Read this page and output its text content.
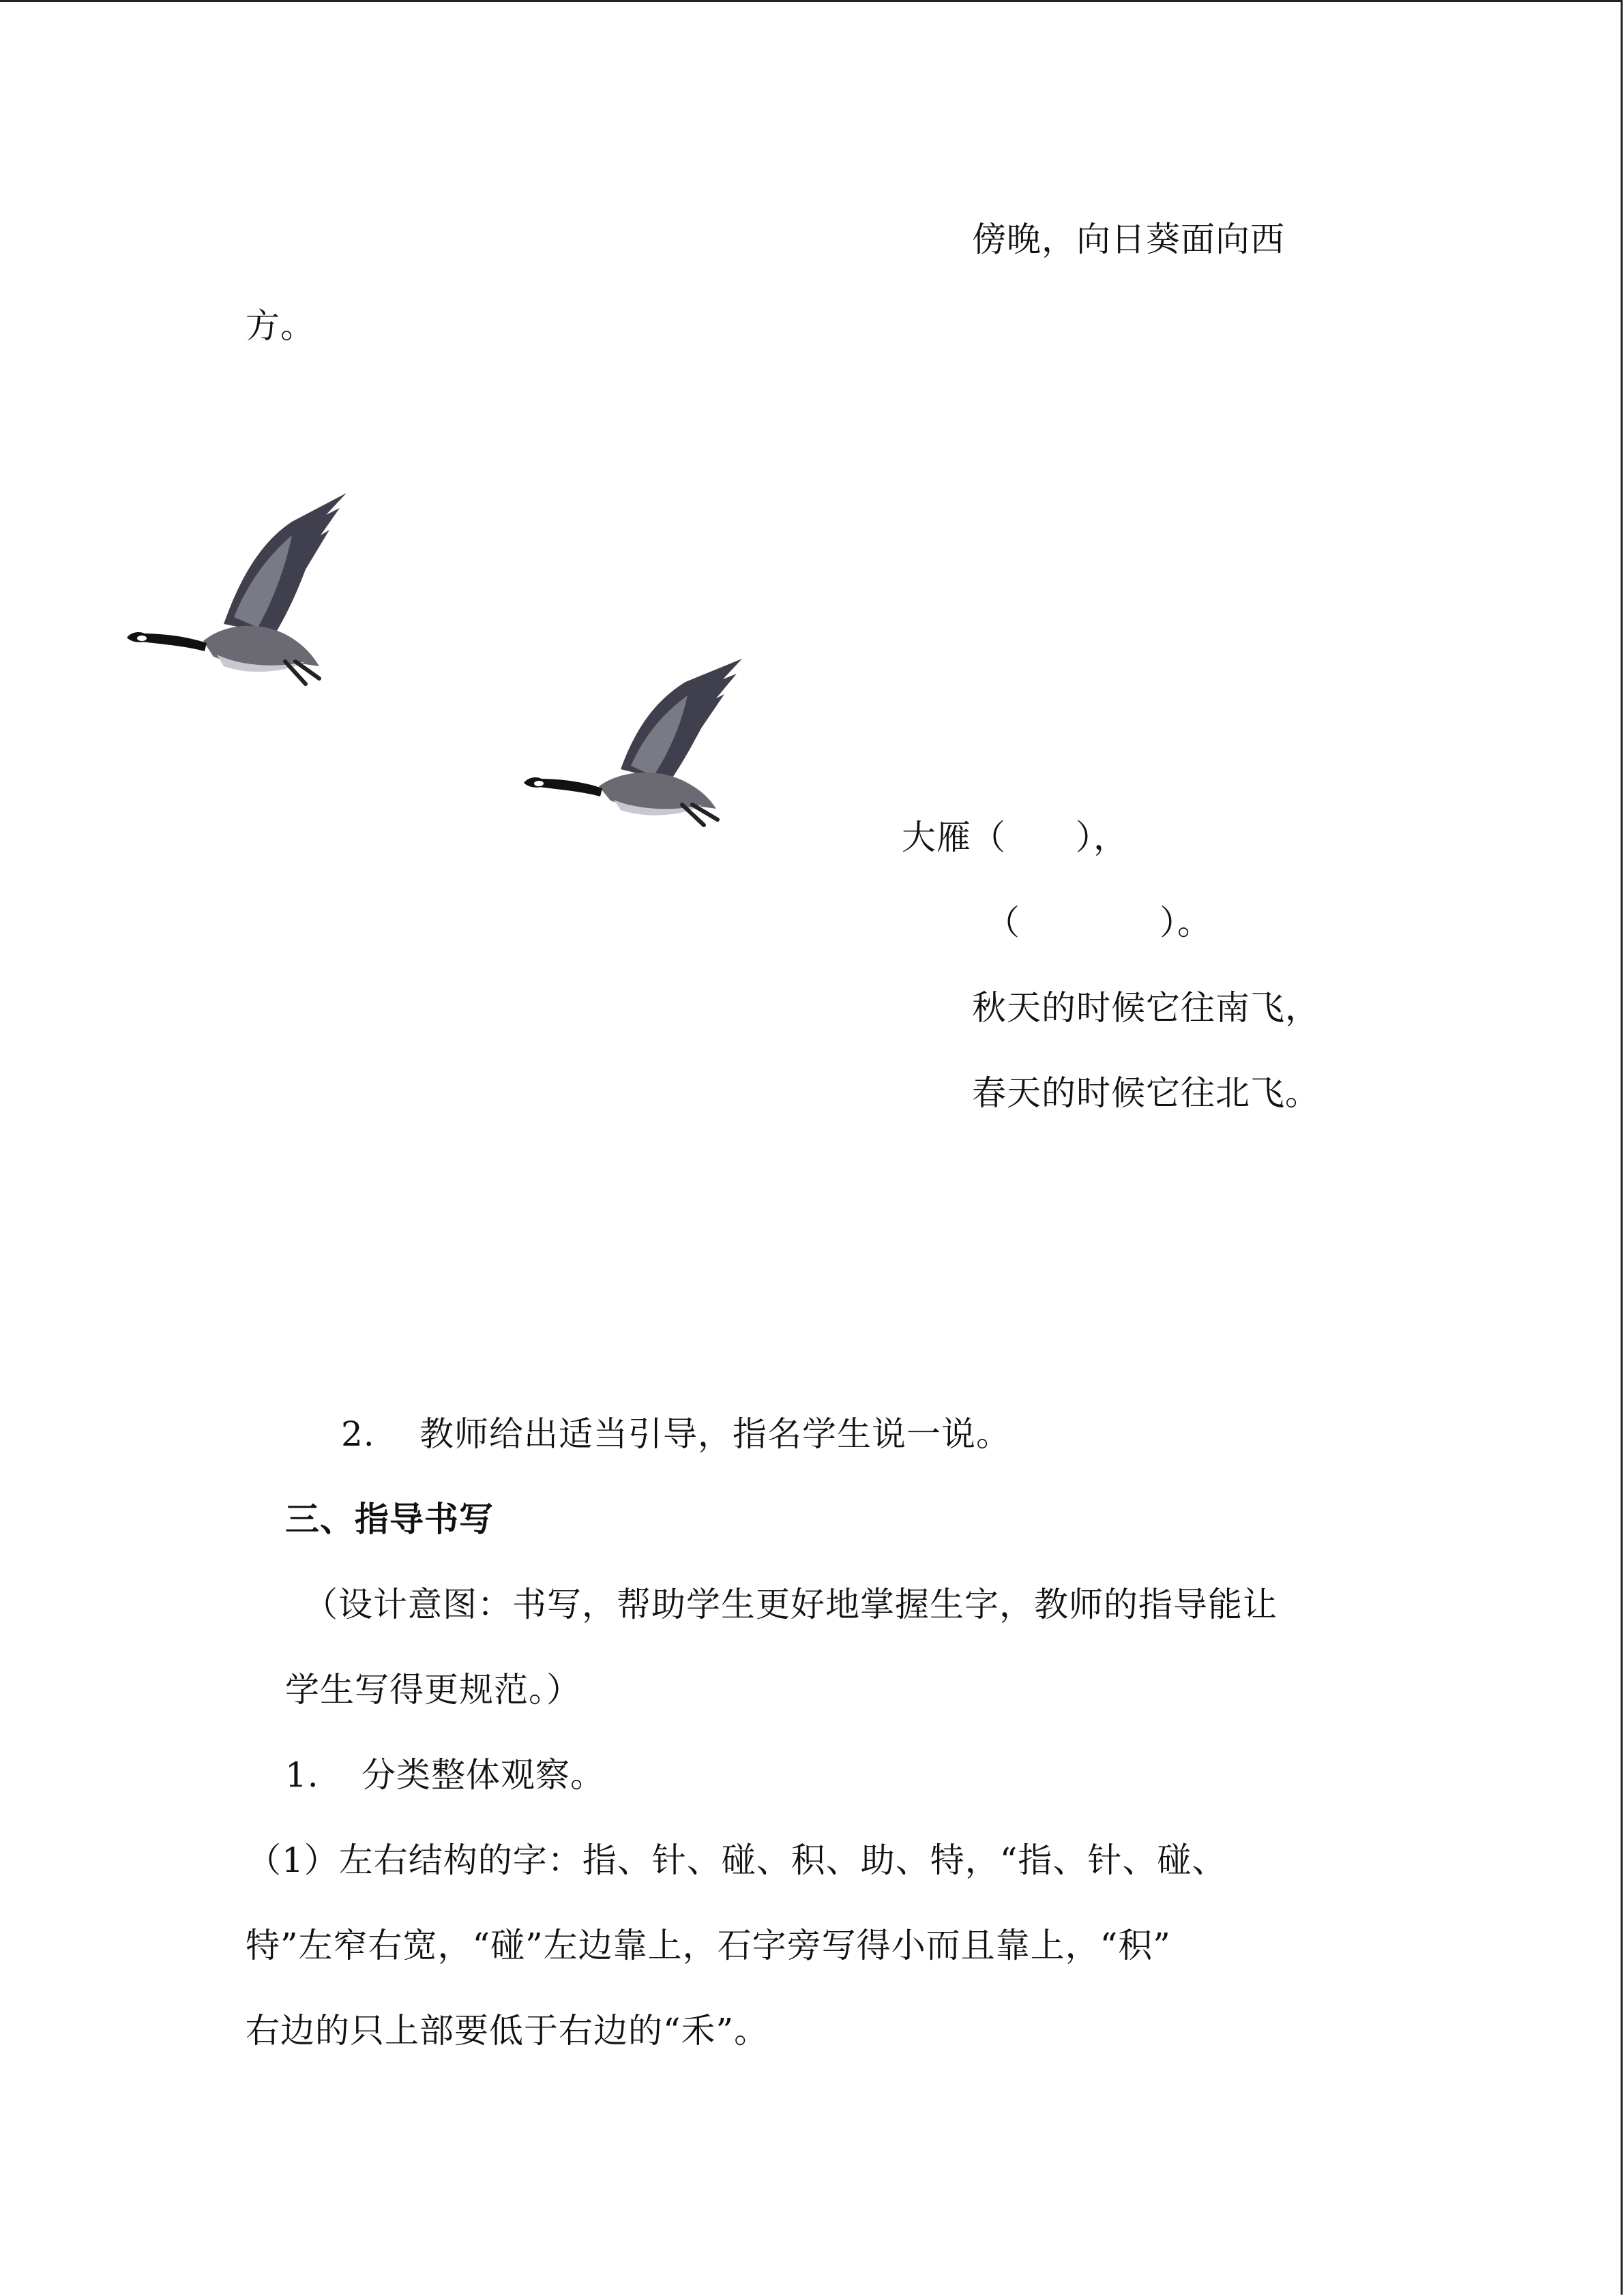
傍晚，向日葵面向西
方。
大雁（　　），
（　　　　）。
秋天的时候它往南飞，
春天的时候它往北飞。
2. 教师给出适当引导，指名学生说一说。
三、指导书写
（设计意图：书写，帮助学生更好地掌握生字，教师的指导能让
学生写得更规范。）
1. 分类整体观察。
（1）左右结构的字：指、针、碰、积、助、特，“指、针、碰、
特”左窄右宽，“碰”左边靠上，石字旁写得小而且靠上，“积”
右边的只上部要低于右边的“禾”。
